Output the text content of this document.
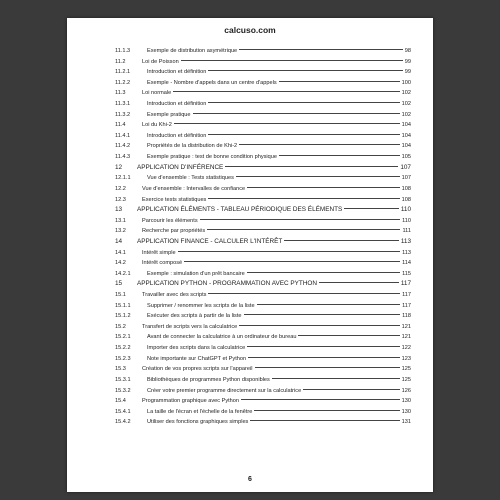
calcuso.com
11.1.3	Exemple de distribution asymétrique	98
11.2	Loi de Poisson	99
11.2.1	Introduction et définition	99
11.2.2	Exemple - Nombre d'appels dans un centre d'appels	100
11.3	Loi normale	102
11.3.1	Introduction et définition	102
11.3.2	Exemple pratique	102
11.4	Loi du Khi-2	104
11.4.1	Introduction et définition	104
11.4.2	Propriétés de la distribution de Khi-2	104
11.4.3	Exemple pratique : test de bonne condition physique	105
12	APPLICATION D'INFÉRENCE	107
12.1.1	Vue d'ensemble : Tests statistiques	107
12.2	Vue d'ensemble : Intervalles de confiance	108
12.3	Exercice tests statistiques	108
13	APPLICATION ÉLÉMENTS - TABLEAU PÉRIODIQUE DES ÉLÉMENTS	110
13.1	Parcourir les éléments	110
13.2	Recherche par propriétés	111
14	APPLICATION FINANCE - CALCULER L'INTÉRÊT	113
14.1	Intérêt simple	113
14.2	Intérêt composé	114
14.2.1	Exemple : simulation d'un prêt bancaire	115
15	APPLICATION PYTHON - PROGRAMMATION AVEC PYTHON	117
15.1	Travailler avec des scripts	117
15.1.1	Supprimer / renommer les scripts de la liste	117
15.1.2	Exécuter des scripts à partir de la liste	118
15.2	Transfert de scripts vers la calculatrice	121
15.2.1	Avant de connecter la calculatrice à un ordinateur de bureau	121
15.2.2	Importer des scripts dans la calculatrice	122
15.2.3	Note importante sur ChatGPT et Python	123
15.3	Création de vos propres scripts sur l'appareil	125
15.3.1	Bibliothèques de programmes Python disponibles	125
15.3.2	Créer votre premier programme directement sur la calculatrice	126
15.4	Programmation graphique avec Python	130
15.4.1	La taille de l'écran et l'échelle de la fenêtre	130
15.4.2	Utiliser des fonctions graphiques simples	131
6
